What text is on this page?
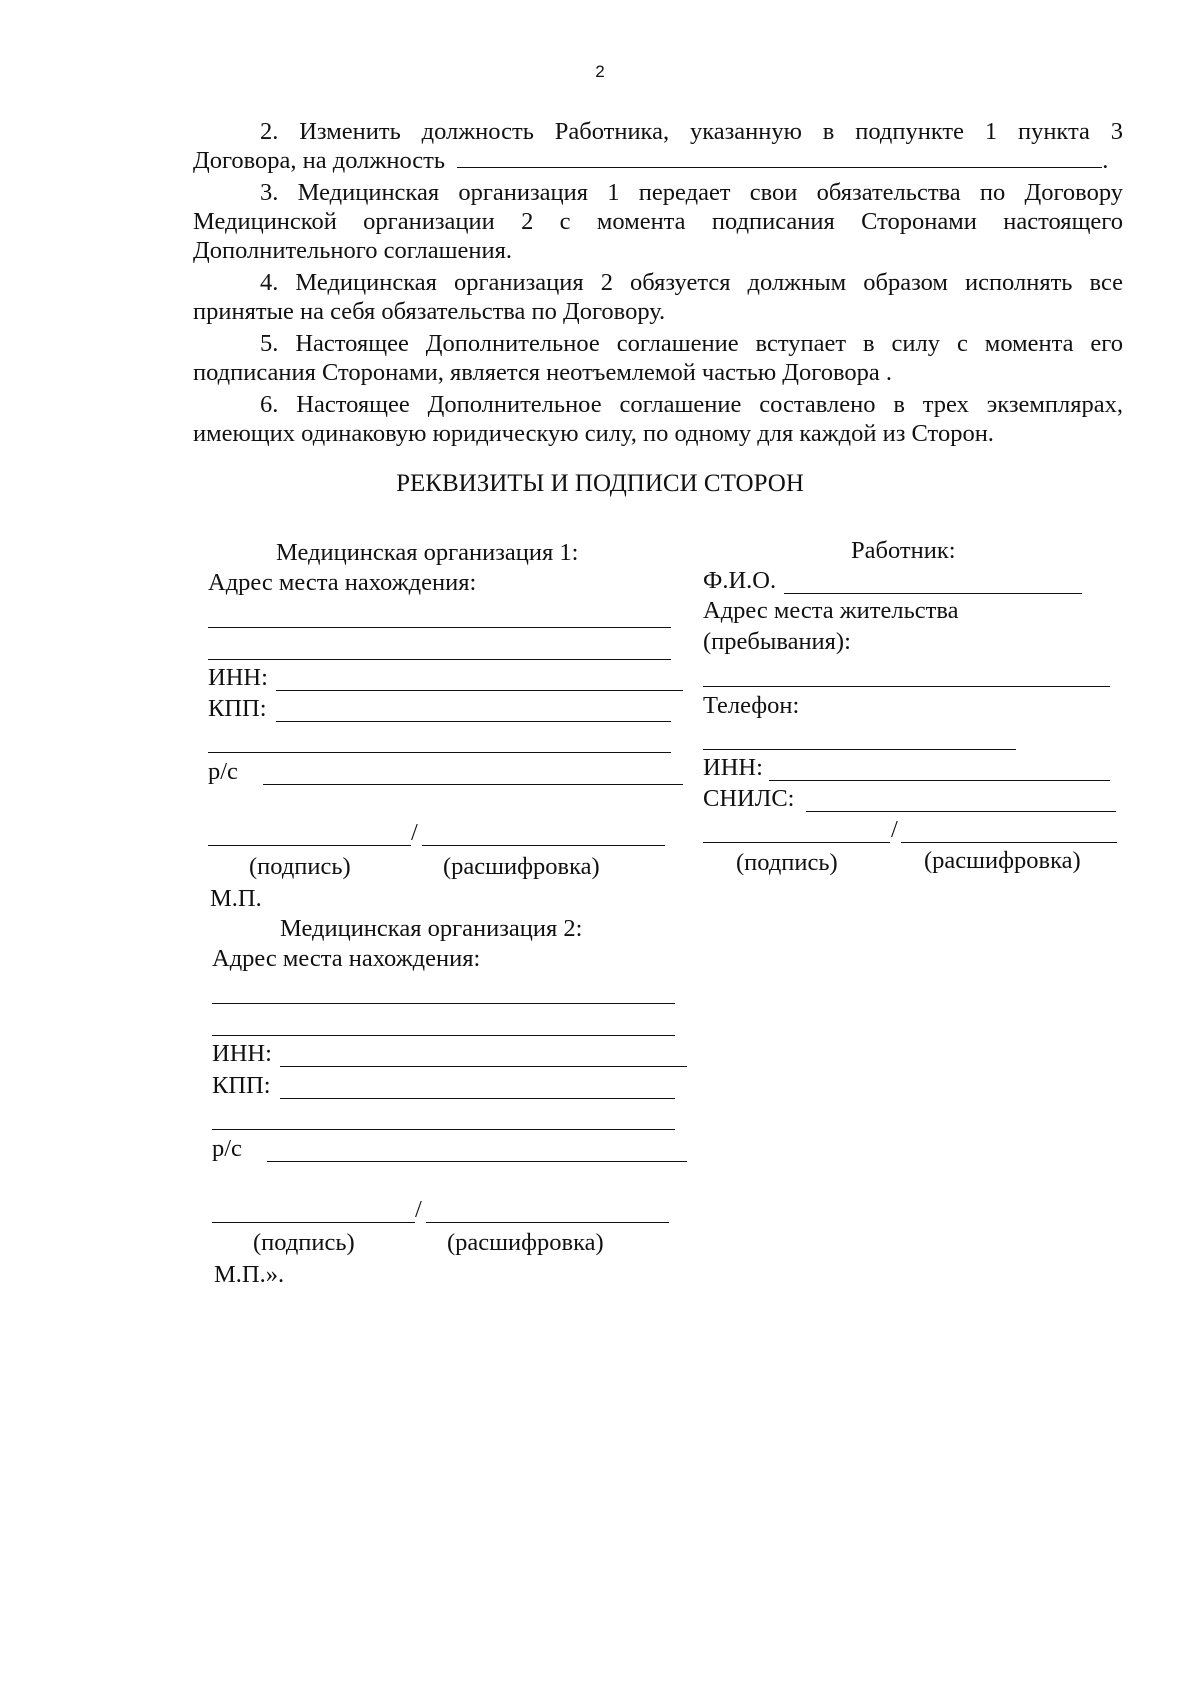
2
2. Изменить должность Работника, указанную в подпункте 1 пункта 3
Договора, на должность	.

3. Медицинская организация 1 передает свои обязательства по Договору Медицинской организации 2 с момента подписания Сторонами настоящего Дополнительного соглашения.

4. Медицинская организация 2 обязуется должным образом исполнять все принятые на себя обязательства по Договору.

5. Настоящее Дополнительное соглашение вступает в силу с момента его подписания Сторонами, является неотъемлемой частью Договора .

6. Настоящее Дополнительное соглашение составлено в трех экземплярах, имеющих одинаковую юридическую силу, по одному для каждой из Сторон.

РЕКВИЗИТЫ И ПОДПИСИ СТОРОН
Медицинская организация 1:
Адрес места нахождения:
ИНН:
КПП:
р/с
/
(подпись)	(расшифровка)
М.П.
Медицинская организация 2:
Адрес места нахождения:
ИНН:
КПП:
р/с
/
(подпись)	(расшифровка)
М.П.».
Работник:
Ф.И.О.
Адрес места жительства
(пребывания):
Телефон:
ИНН:
СНИЛС:
/
(подпись)	(расшифровка)
